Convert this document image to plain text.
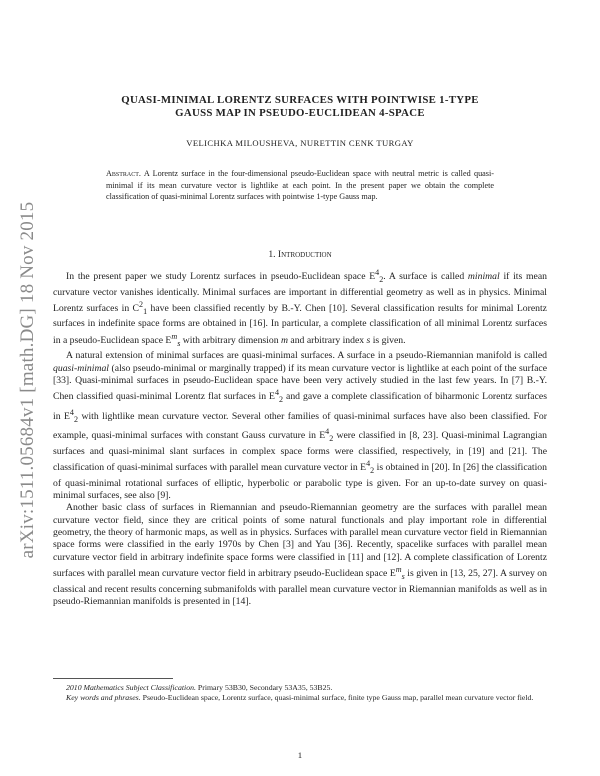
arXiv:1511.05684v1 [math.DG] 18 Nov 2015
QUASI-MINIMAL LORENTZ SURFACES WITH POINTWISE 1-TYPE
GAUSS MAP IN PSEUDO-EUCLIDEAN 4-SPACE
VELICHKA MILOUSHEVA, NURETTIN CENK TURGAY
Abstract. A Lorentz surface in the four-dimensional pseudo-Euclidean space with neutral metric is called quasi-minimal if its mean curvature vector is lightlike at each point. In the present paper we obtain the complete classification of quasi-minimal Lorentz surfaces with pointwise 1-type Gauss map.
1. Introduction

In the present paper we study Lorentz surfaces in pseudo-Euclidean space $E^4_2$. A surface is called minimal if its mean curvature vector vanishes identically. Minimal surfaces are important in differential geometry as well as in physics. Minimal Lorentz surfaces in $C^2_1$ have been classified recently by B.-Y. Chen [10]. Several classification results for minimal Lorentz surfaces in indefinite space forms are obtained in [16]. In particular, a complete classification of all minimal Lorentz surfaces in a pseudo-Euclidean space $E^m_s$ with arbitrary dimension m and arbitrary index s is given.

A natural extension of minimal surfaces are quasi-minimal surfaces. A surface in a pseudo-Riemannian manifold is called quasi-minimal (also pseudo-minimal or marginally trapped) if its mean curvature vector is lightlike at each point of the surface [33]. Quasi-minimal surfaces in pseudo-Euclidean space have been very actively studied in the last few years. In [7] B.-Y. Chen classified quasi-minimal Lorentz flat surfaces in $E^4_2$ and gave a complete classification of biharmonic Lorentz surfaces in $E^4_2$ with lightlike mean curvature vector. Several other families of quasi-minimal surfaces have also been classified. For example, quasi-minimal surfaces with constant Gauss curvature in $E^4_2$ were classified in [8, 23]. Quasi-minimal Lagrangian surfaces and quasi-minimal slant surfaces in complex space forms were classified, respectively, in [19] and [21]. The classification of quasi-minimal surfaces with parallel mean curvature vector in $E^4_2$ is obtained in [20]. In [26] the classification of quasi-minimal rotational surfaces of elliptic, hyperbolic or parabolic type is given. For an up-to-date survey on quasi-minimal surfaces, see also [9].

Another basic class of surfaces in Riemannian and pseudo-Riemannian geometry are the surfaces with parallel mean curvature vector field, since they are critical points of some natural functionals and play important role in differential geometry, the theory of harmonic maps, as well as in physics. Surfaces with parallel mean curvature vector field in Riemannian space forms were classified in the early 1970s by Chen [3] and Yau [36]. Recently, spacelike surfaces with parallel mean curvature vector field in arbitrary indefinite space forms were classified in [11] and [12]. A complete classification of Lorentz surfaces with parallel mean curvature vector field in arbitrary pseudo-Euclidean space $E^m_s$ is given in [13, 25, 27]. A survey on classical and recent results concerning submanifolds with parallel mean curvature vector in Riemannian manifolds as well as in pseudo-Riemannian manifolds is presented in [14].

2010 Mathematics Subject Classification. Primary 53B30, Secondary 53A35, 53B25.

Key words and phrases. Pseudo-Euclidean space, Lorentz surface, quasi-minimal surface, finite type Gauss map, parallel mean curvature vector field.

1
